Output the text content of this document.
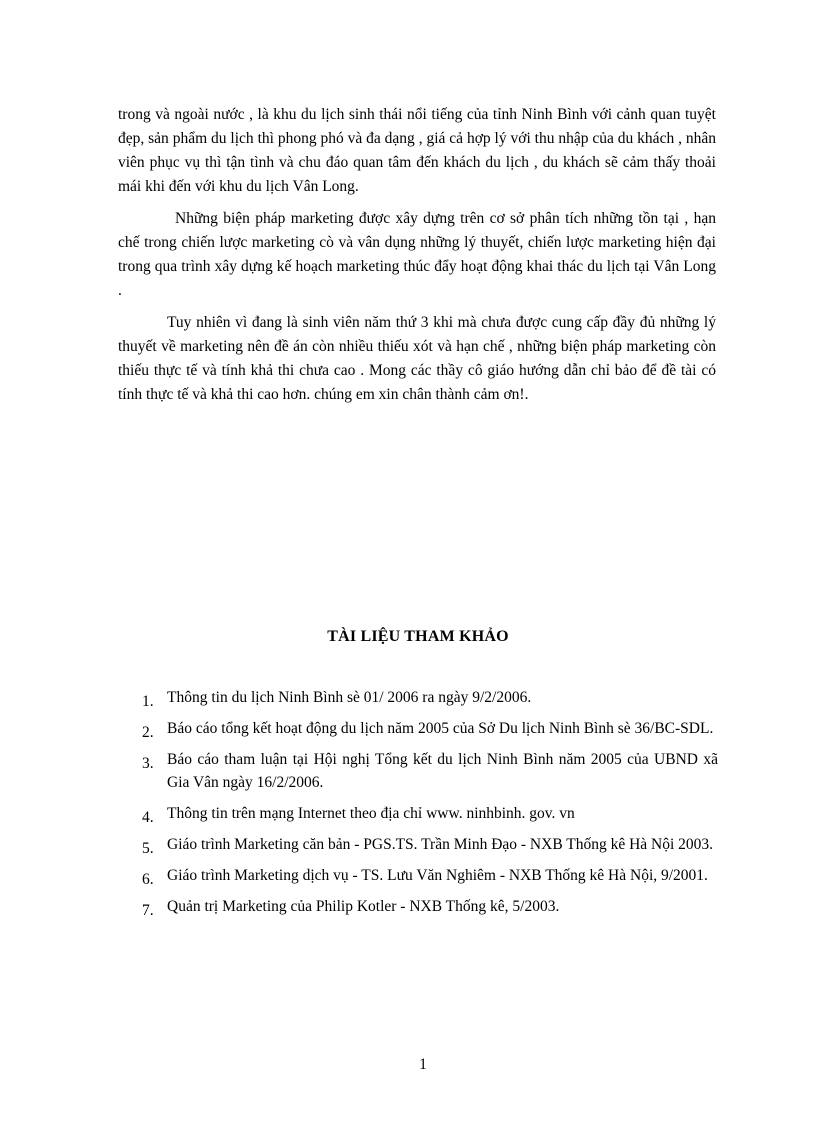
trong và ngoài nước , là khu du lịch sinh thái nổi tiếng của tỉnh Ninh Bình với cảnh quan tuyệt đẹp, sản phẩm du lịch thì phong phó và đa dạng , giá cả hợp lý với thu nhập của du khách , nhân viên phục vụ thì tận tình và chu đáo quan tâm đến khách du lịch , du khách sẽ cảm thấy thoải mái khi đến với khu du lịch Vân Long.

Những biện pháp marketing được xây dựng trên cơ sở phân tích những tồn tại , hạn chế trong chiến lược marketing cò và vân dụng những lý thuyết, chiến lược marketing hiện đại trong qua trình xây dựng kế hoạch marketing thúc đẩy hoạt động khai thác du lịch tại Vân Long .

Tuy nhiên vì đang là sinh viên năm thứ 3 khi mà chưa được cung cấp đầy đủ những lý thuyết về marketing nên đề án còn nhiều thiếu xót và hạn chế , những biện pháp marketing còn thiếu thực tế và tính khả thi chưa cao . Mong các thầy cô giáo hướng dẫn chỉ bảo để đề tài có tính thực tế và khả thi cao hơn. chúng em xin chân thành cảm ơn!.

TÀI LIỆU THAM KHẢO
1. Thông tin du lịch Ninh Bình sè 01/ 2006 ra ngày 9/2/2006.
2. Báo cáo tổng kết hoạt động du lịch năm 2005 của Sở Du lịch Ninh Bình sè 36/BC-SDL.
3. Báo cáo tham luận tại Hội nghị Tổng kết du lịch Ninh Bình năm 2005 của UBND xã Gia Vân ngày 16/2/2006.
4. Thông tin trên mạng Internet theo địa chỉ www. ninhbinh. gov. vn
5. Giáo trình Marketing căn bản - PGS.TS. Trần Minh Đạo - NXB Thống kê Hà Nội 2003.
6. Giáo trình Marketing dịch vụ - TS. Lưu Văn Nghiêm - NXB Thống kê Hà Nội, 9/2001.
7. Quản trị Marketing của Philip Kotler - NXB Thống kê, 5/2003.

1
